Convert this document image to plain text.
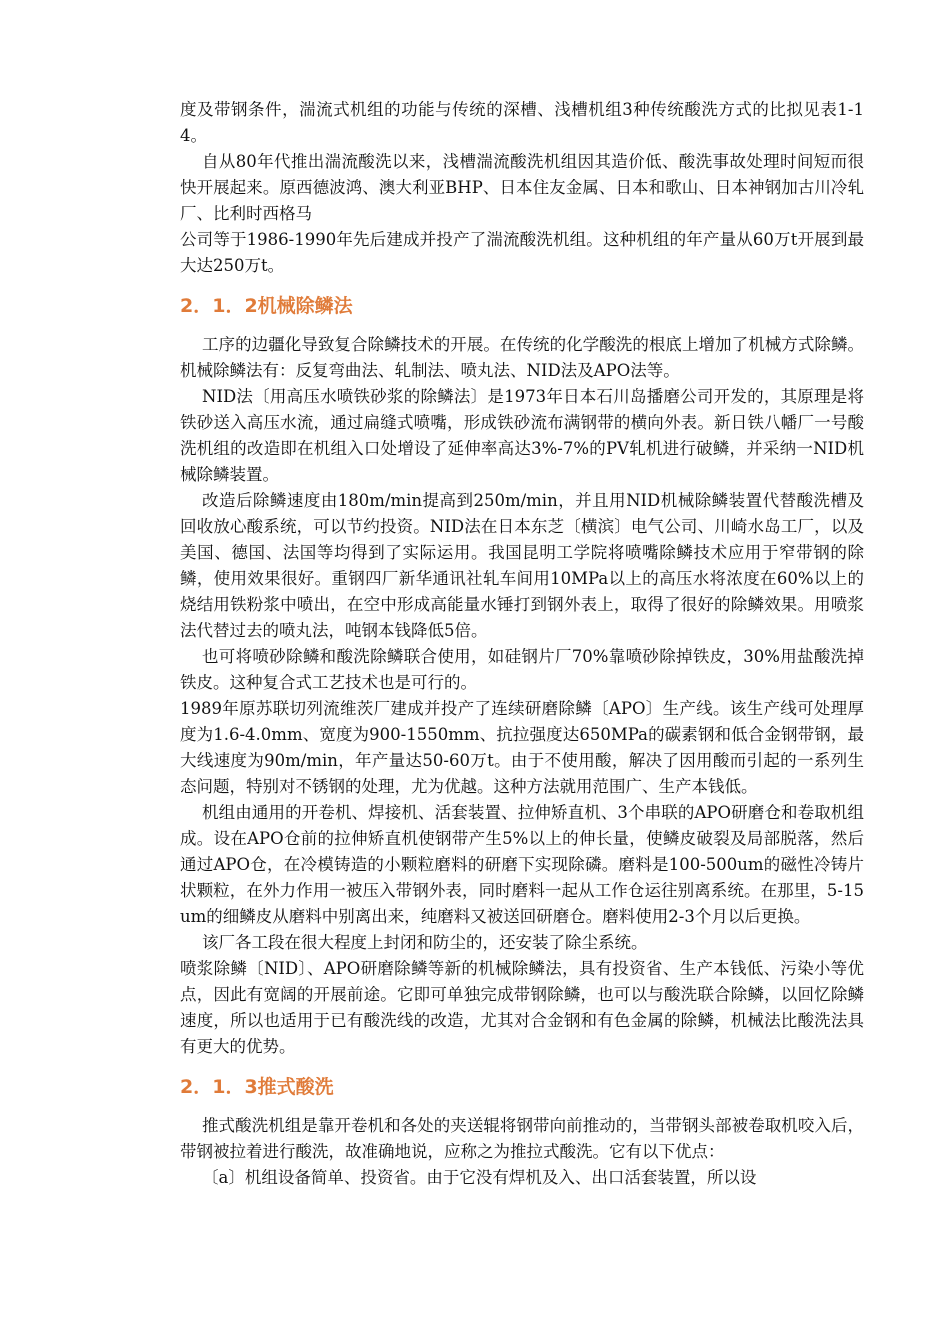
度及带钢条件，湍流式机组的功能与传统的深槽、浅槽机组3种传统酸洗方式的比拟见表1-14。

自从80年代推出湍流酸洗以来，浅槽湍流酸洗机组因其造价低、酸洗事故处理时间短而很快开展起来。原西德波鸿、澳大利亚BHP、日本住友金属、日本和歌山、日本神钢加古川冷轧厂、比利时西格马

公司等于1986-1990年先后建成并投产了湍流酸洗机组。这种机组的年产量从60万t开展到最大达250万t。

2．1．2机械除鳞法

工序的边疆化导致复合除鳞技术的开展。在传统的化学酸洗的根底上增加了机械方式除鳞。机械除鳞法有：反复弯曲法、轧制法、喷丸法、NID法及APO法等。

NID法〔用高压水喷铁砂浆的除鳞法〕是1973年日本石川岛播磨公司开发的，其原理是将铁砂送入高压水流，通过扁缝式喷嘴，形成铁砂流布满钢带的横向外表。新日铁八幡厂一号酸洗机组的改造即在机组入口处增设了延伸率高达3%-7%的PV轧机进行破鳞，并采纳一NID机械除鳞装置。

改造后除鳞速度由180m/min提高到250m/min，并且用NID机械除鳞装置代替酸洗槽及回收放心酸系统，可以节约投资。NID法在日本东芝〔横滨〕电气公司、川崎水岛工厂，以及美国、德国、法国等均得到了实际运用。我国昆明工学院将喷嘴除鳞技术应用于窄带钢的除鳞，使用效果很好。重钢四厂新华通讯社轧车间用10MPa以上的高压水将浓度在60%以上的烧结用铁粉浆中喷出，在空中形成高能量水锤打到钢外表上，取得了很好的除鳞效果。用喷浆法代替过去的喷丸法，吨钢本钱降低5倍。

也可将喷砂除鳞和酸洗除鳞联合使用，如硅钢片厂70%靠喷砂除掉铁皮，30%用盐酸洗掉铁皮。这种复合式工艺技术也是可行的。

1989年原苏联切列流维茨厂建成并投产了连续研磨除鳞〔APO〕生产线。该生产线可处理厚度为1.6-4.0mm、宽度为900-1550mm、抗拉强度达650MPa的碳素钢和低合金钢带钢，最大线速度为90m/min，年产量达50-60万t。由于不使用酸，解决了因用酸而引起的一系列生态问题，特别对不锈钢的处理，尤为优越。这种方法就用范围广、生产本钱低。

机组由通用的开卷机、焊接机、活套装置、拉伸矫直机、3个串联的APO研磨仓和卷取机组成。设在APO仓前的拉伸矫直机使钢带产生5%以上的伸长量，使鳞皮破裂及局部脱落，然后通过APO仓，在冷模铸造的小颗粒磨料的研磨下实现除磷。磨料是100-500um的磁性冷铸片状颗粒，在外力作用一被压入带钢外表，同时磨料一起从工作仓运往别离系统。在那里，5-15um的细鳞皮从磨料中别离出来，纯磨料又被送回研磨仓。磨料使用2-3个月以后更换。

该厂各工段在很大程度上封闭和防尘的，还安装了除尘系统。

喷浆除鳞〔NID〕、APO研磨除鳞等新的机械除鳞法，具有投资省、生产本钱低、污染小等优点，因此有宽阔的开展前途。它即可单独完成带钢除鳞，也可以与酸洗联合除鳞，以回忆除鳞速度，所以也适用于已有酸洗线的改造，尤其对合金钢和有色金属的除鳞，机械法比酸洗法具有更大的优势。

2．1．3推式酸洗

推式酸洗机组是靠开卷机和各处的夹送辊将钢带向前推动的，当带钢头部被卷取机咬入后，带钢被拉着进行酸洗，故准确地说，应称之为推拉式酸洗。它有以下优点：

〔a〕机组设备简单、投资省。由于它没有焊机及入、出口活套装置，所以设
